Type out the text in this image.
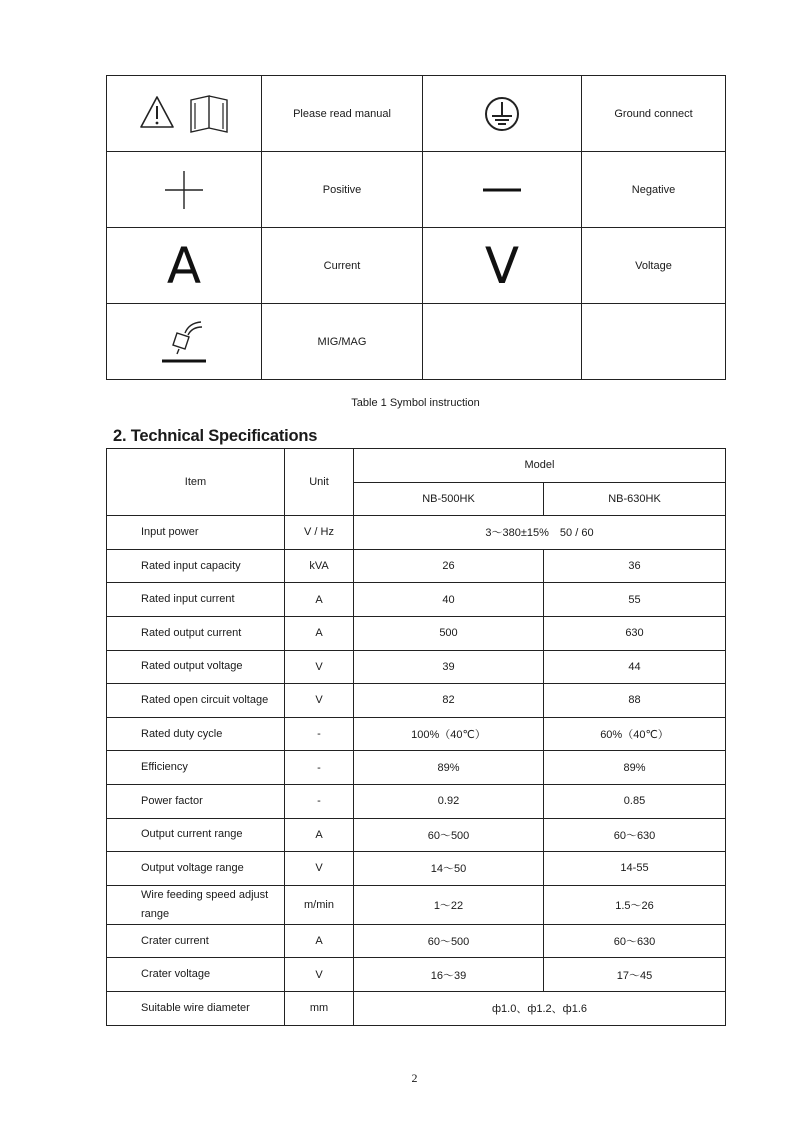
	Please read manual		Ground connect

	Positive		Negative

A	Current	V	Voltage

	MIG/MAG		
Table 1 Symbol instruction
2. Technical Specifications
Item	Unit	Model	
		NB-500HK	NB-630HK
Input power	V / Hz	3～380±15%　50 / 60	
Rated input capacity	kVA	26	36
Rated input current	A	40	55
Rated output current	A	500	630
Rated output voltage	V	39	44
Rated open circuit voltage	V	82	88
Rated duty cycle	-	100%（40℃）	60%（40℃）
Efficiency	-	89%	89%
Power factor	-	0.92	0.85
Output current range	A	60～500	60～630
Output voltage range	V	14～50	14-55
Wire feeding speed adjust range	m/min	1～22	1.5～26
Crater current	A	60～500	60～630
Crater voltage	V	16～39	17～45
Suitable wire diameter	mm	ф1.0、ф1.2、ф1.6	
2
